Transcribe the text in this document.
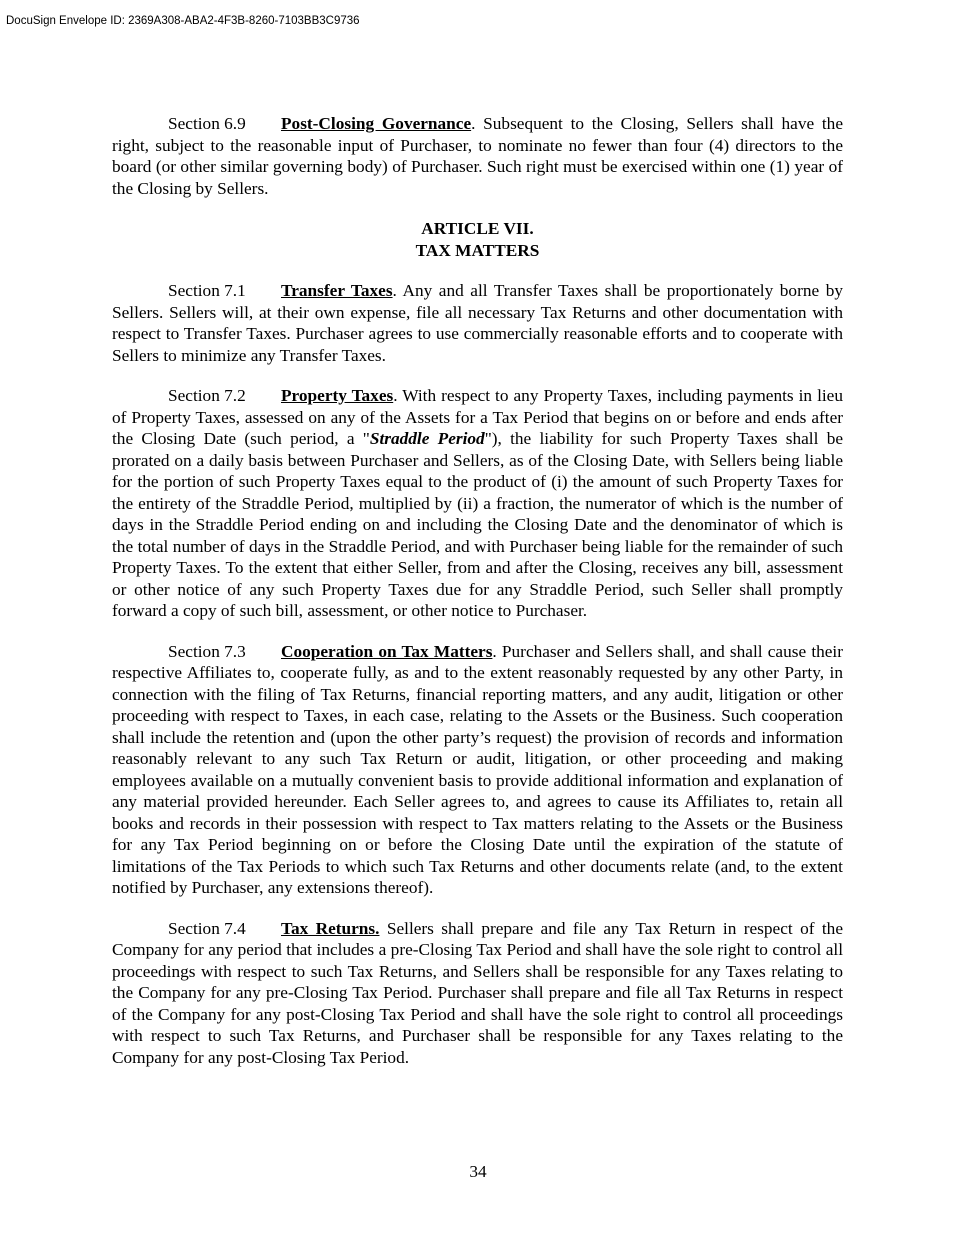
DocuSign Envelope ID: 2369A308-ABA2-4F3B-8260-7103BB3C9736

Section 6.9 Post-Closing Governance. Subsequent to the Closing, Sellers shall have the right, subject to the reasonable input of Purchaser, to nominate no fewer than four (4) directors to the board (or other similar governing body) of Purchaser. Such right must be exercised within one (1) year of the Closing by Sellers.

ARTICLE VII.
TAX MATTERS

Section 7.1 Transfer Taxes. Any and all Transfer Taxes shall be proportionately borne by Sellers. Sellers will, at their own expense, file all necessary Tax Returns and other documentation with respect to Transfer Taxes. Purchaser agrees to use commercially reasonable efforts and to cooperate with Sellers to minimize any Transfer Taxes.

Section 7.2 Property Taxes. With respect to any Property Taxes, including payments in lieu of Property Taxes, assessed on any of the Assets for a Tax Period that begins on or before and ends after the Closing Date (such period, a "Straddle Period"), the liability for such Property Taxes shall be prorated on a daily basis between Purchaser and Sellers, as of the Closing Date, with Sellers being liable for the portion of such Property Taxes equal to the product of (i) the amount of such Property Taxes for the entirety of the Straddle Period, multiplied by (ii) a fraction, the numerator of which is the number of days in the Straddle Period ending on and including the Closing Date and the denominator of which is the total number of days in the Straddle Period, and with Purchaser being liable for the remainder of such Property Taxes. To the extent that either Seller, from and after the Closing, receives any bill, assessment or other notice of any such Property Taxes due for any Straddle Period, such Seller shall promptly forward a copy of such bill, assessment, or other notice to Purchaser.

Section 7.3 Cooperation on Tax Matters. Purchaser and Sellers shall, and shall cause their respective Affiliates to, cooperate fully, as and to the extent reasonably requested by any other Party, in connection with the filing of Tax Returns, financial reporting matters, and any audit, litigation or other proceeding with respect to Taxes, in each case, relating to the Assets or the Business. Such cooperation shall include the retention and (upon the other party’s request) the provision of records and information reasonably relevant to any such Tax Return or audit, litigation, or other proceeding and making employees available on a mutually convenient basis to provide additional information and explanation of any material provided hereunder. Each Seller agrees to, and agrees to cause its Affiliates to, retain all books and records in their possession with respect to Tax matters relating to the Assets or the Business for any Tax Period beginning on or before the Closing Date until the expiration of the statute of limitations of the Tax Periods to which such Tax Returns and other documents relate (and, to the extent notified by Purchaser, any extensions thereof).

Section 7.4 Tax Returns. Sellers shall prepare and file any Tax Return in respect of the Company for any period that includes a pre-Closing Tax Period and shall have the sole right to control all proceedings with respect to such Tax Returns, and Sellers shall be responsible for any Taxes relating to the Company for any pre-Closing Tax Period. Purchaser shall prepare and file all Tax Returns in respect of the Company for any post-Closing Tax Period and shall have the sole right to control all proceedings with respect to such Tax Returns, and Purchaser shall be responsible for any Taxes relating to the Company for any post-Closing Tax Period.

34
